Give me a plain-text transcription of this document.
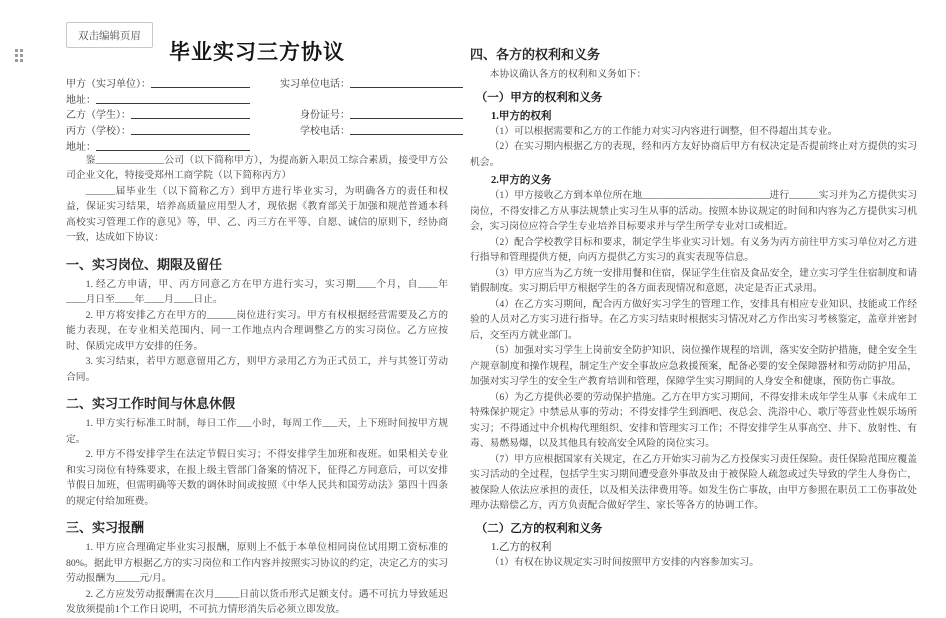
双击编辑页眉
毕业实习三方协议
甲方（实习单位）：	实习单位电话：
地址：
乙方（学生）：	身份证号：
丙方（学校）：	学校电话：
地址：

鉴______________公司（以下简称甲方），为提高新入职员工综合素质，接受甲方公司企业文化，特接受郑州工商学院（以下简称丙方）

______届毕业生（以下简称乙方）到甲方进行毕业实习，为明确各方的责任和权益，保证实习结果，培养高质量应用型人才，现依据《教育部关于加强和规范普通本科高校实习管理工作的意见》等，甲、乙、丙三方在平等、自愿、诚信的原则下，经协商一致，达成如下协议：

一、实习岗位、期限及留任

1. 经乙方申请，甲、丙方同意乙方在甲方进行实习，实习期____个月，自____年____月日至____年____月____日止。

2. 甲方将安排乙方在甲方的______岗位进行实习。甲方有权根据经营需要及乙方的能力表现，在专业相关范围内、同一工作地点内合理调整乙方的实习岗位。乙方应按时、保质完成甲方安排的任务。

3. 实习结束，若甲方愿意留用乙方，则甲方录用乙方为正式员工，并与其签订劳动合同。

二、实习工作时间与休息休假

1. 甲方实行标准工时制，每日工作___小时，每周工作___天，上下班时间按甲方规定。

2. 甲方不得安排学生在法定节假日实习；不得安排学生加班和夜班。如果相关专业和实习岗位有特殊要求，在报上级主管部门备案的情况下，征得乙方同意后，可以安排节假日加班，但需明确等天数的调休时间或按照《中华人民共和国劳动法》第四十四条的规定付给加班费。

三、实习报酬

1. 甲方应合理确定毕业实习报酬，原则上不低于本单位相同岗位试用期工资标准的80%。据此甲方根据乙方的实习岗位和工作内容并按照实习协议的约定，决定乙方的实习劳动报酬为_____元/月。

2. 乙方应发劳动报酬需在次月_____日前以货币形式足额支付。遇不可抗力导致延迟发放须提前1个工作日说明，不可抗力情形消失后必须立即发放。

四、各方的权利和义务

本协议确认各方的权利和义务如下：

（一）甲方的权利和义务
1.甲方的权利

（1）可以根据需要和乙方的工作能力对实习内容进行调整，但不得超出其专业。

（2）在实习期内根据乙方的表现，经和丙方友好协商后甲方有权决定是否提前终止对方提供的实习机会。

2.甲方的义务

（1）甲方接收乙方到本单位所在地__________________________进行______实习并为乙方提供实习岗位，不得安排乙方从事法规禁止实习生从事的活动。按照本协议规定的时间和内容为乙方提供实习机会，实习岗位应符合学生专业培养目标要求并与学生所学专业对口或相近。

（2）配合学校教学目标和要求，制定学生毕业实习计划。有义务为丙方前往甲方实习单位对乙方进行指导和管理提供方便，向丙方提供乙方实习的真实表现等信息。

（3）甲方应当为乙方统一安排用餐和住宿，保证学生住宿及食品安全，建立实习学生住宿制度和请销假制度。实习期后甲方根据学生的各方面表现情况和意愿，决定是否正式录用。

（4）在乙方实习期间，配合丙方做好实习学生的管理工作，安排具有相应专业知识、技能或工作经验的人员对乙方实习进行指导。在乙方实习结束时根据实习情况对乙方作出实习考核鉴定，盖章并密封后，交至丙方就业部门。

（5）加强对实习学生上岗前安全防护知识、岗位操作规程的培训，落实安全防护措施，健全安全生产规章制度和操作规程，制定生产安全事故应急救援预案，配备必要的安全保障器材和劳动防护用品，加强对实习学生的安全生产教育培训和管理，保障学生实习期间的人身安全和健康，预防伤亡事故。

（6）为乙方提供必要的劳动保护措施。乙方在甲方实习期间，不得安排未成年学生从事《未成年工特殊保护规定》中禁忌从事的劳动；不得安排学生到酒吧、夜总会、洗浴中心、歌厅等营业性娱乐场所实习；不得通过中介机构代理组织、安排和管理实习工作；不得安排学生从事高空、井下、放射性、有毒、易燃易爆，以及其他具有较高安全风险的岗位实习。

（7）甲方应根据国家有关规定，在乙方开始实习前为乙方投保实习责任保险。责任保险范围应覆盖实习活动的全过程，包括学生实习期间遭受意外事故及由于被保险人疏忽或过失导致的学生人身伤亡，被保险人依法应承担的责任，以及相关法律费用等。如发生伤亡事故，由甲方参照在职员工工伤事故处理办法赔偿乙方，丙方负责配合做好学生、家长等各方的协调工作。

（二）乙方的权利和义务
1.乙方的权利

（1）有权在协议规定实习时间按照甲方安排的内容参加实习。
